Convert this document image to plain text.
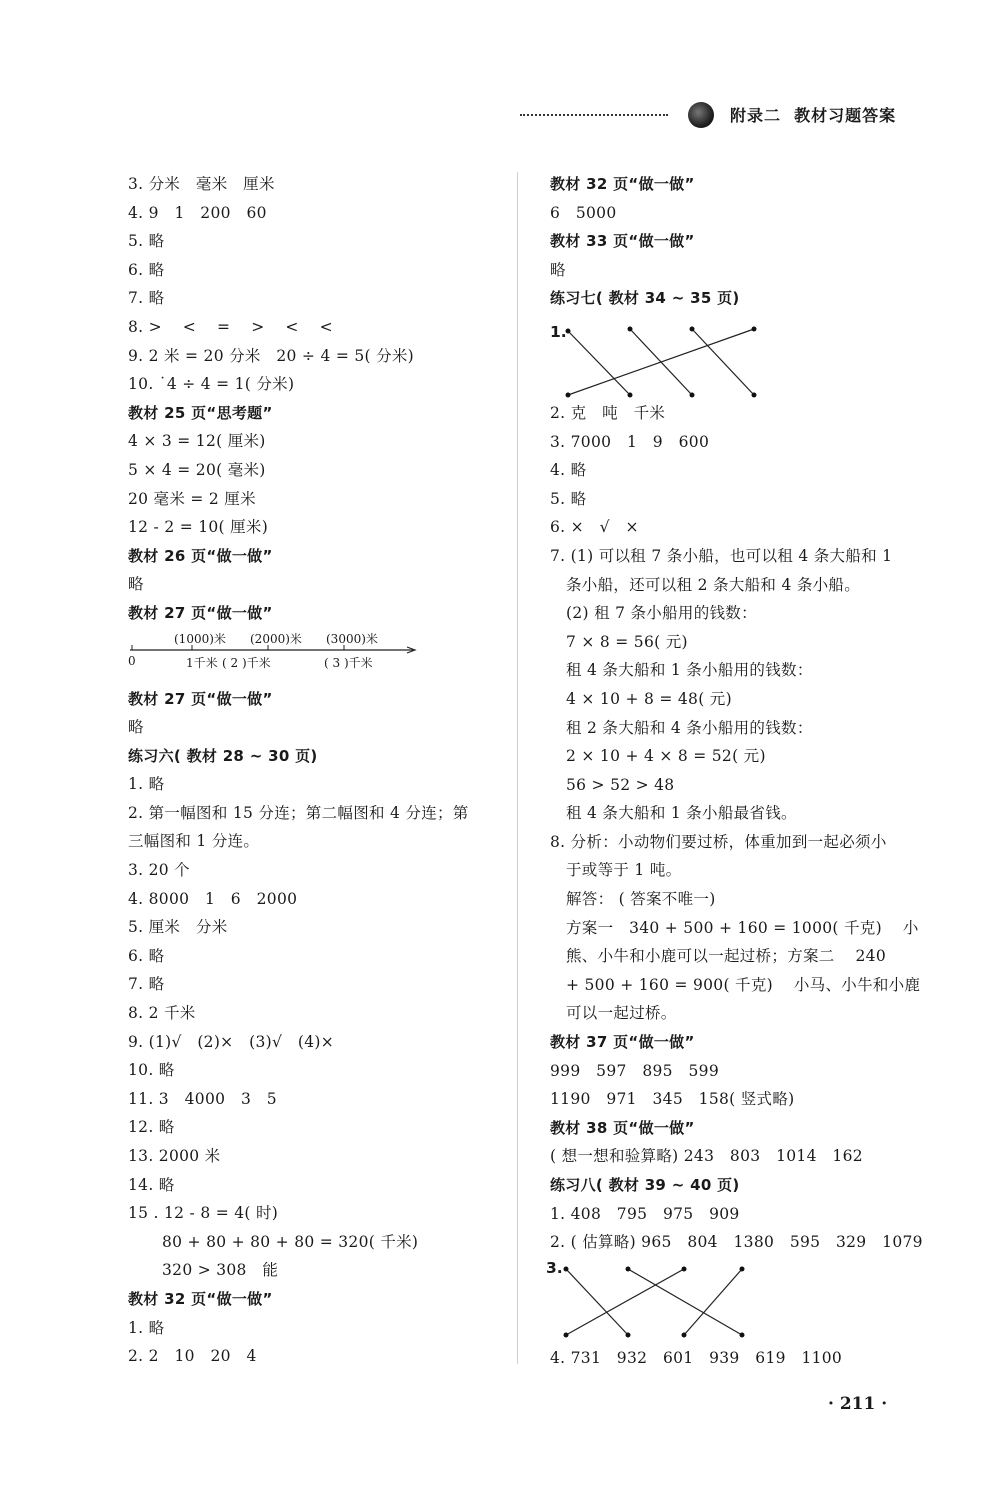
附录二  教材习题答案
3. 分米   毫米   厘米
4. 9   1   200   60
5. 略
6. 略
7. 略
8. >    <    =    >    <    <
9. 2 米 = 20 分米   20 ÷ 4 = 5( 分米)
10. ˙4 ÷ 4 = 1( 分米)
教材 25 页“思考题”
4 × 3 = 12( 厘米)
5 × 4 = 20( 毫米)
20 毫米 = 2 厘米
12 - 2 = 10( 厘米)
教材 26 页“做一做”
略
教材 27 页“做一做”
(1000)米 (2000)米 (3000)米
0	1千米 ( 2 )千米	( 3 )千米
教材 27 页“做一做”
略
练习六( 教材 28 ~ 30 页)
1. 略
2. 第一幅图和 15 分连；第二幅图和 4 分连；第
三幅图和 1 分连。
3. 20 个
4. 8000   1   6   2000
5. 厘米   分米
6. 略
7. 略
8. 2 千米
9. (1)√   (2)×   (3)√   (4)×
10. 略
11. 3   4000   3   5
12. 略
13. 2000 米
14. 略
15 . 12 - 8 = 4( 时)
80 + 80 + 80 + 80 = 320( 千米)
320 > 308   能
教材 32 页“做一做”
1. 略
2. 2   10   20   4
教材 32 页“做一做”
6   5000
教材 33 页“做一做”
略
练习七( 教材 34 ~ 35 页)
1.
2. 克   吨   千米
3. 7000   1   9   600
4. 略
5. 略
6. ×   √   ×
7. (1) 可以租 7 条小船，也可以租 4 条大船和 1
条小船，还可以租 2 条大船和 4 条小船。
(2) 租 7 条小船用的钱数：
7 × 8 = 56( 元)
租 4 条大船和 1 条小船用的钱数：
4 × 10 + 8 = 48( 元)
租 2 条大船和 4 条小船用的钱数：
2 × 10 + 4 × 8 = 52( 元)
56 > 52 > 48
租 4 条大船和 1 条小船最省钱。
8. 分析：小动物们要过桥，体重加到一起必须小
于或等于 1 吨。
解答： ( 答案不唯一)
方案一   340 + 500 + 160 = 1000( 千克)    小
熊、小牛和小鹿可以一起过桥；方案二    240
+ 500 + 160 = 900( 千克)    小马、小牛和小鹿
可以一起过桥。
教材 37 页“做一做”
999   597   895   599
1190   971   345   158( 竖式略)
教材 38 页“做一做”
( 想一想和验算略) 243   803   1014   162
练习八( 教材 39 ~ 40 页)
1. 408   795   975   909
2. ( 估算略) 965   804   1380   595   329   1079
3.
4. 731   932   601   939   619   1100
· 211 ·
